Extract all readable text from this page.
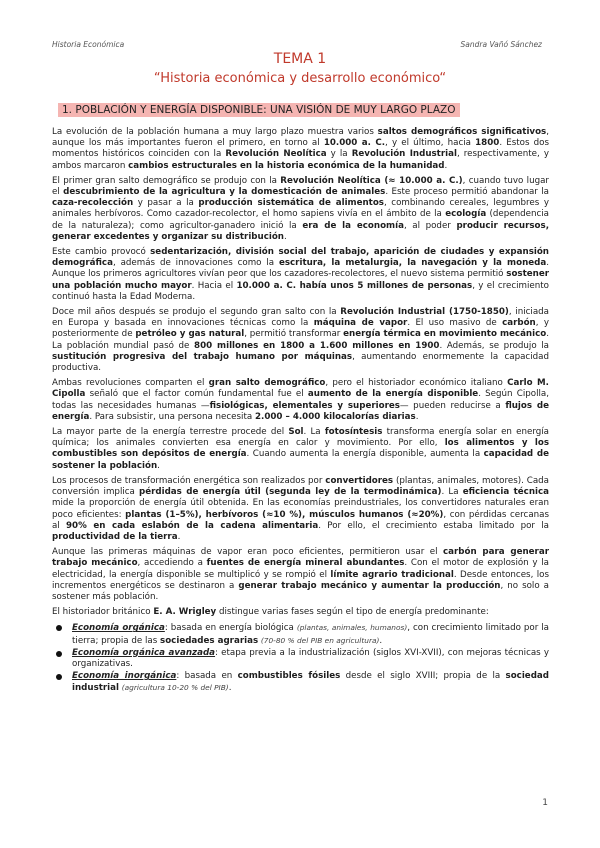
Historia Económica	Sandra Vañó Sánchez
TEMA 1
“Historia económica y desarrollo económico“
1. POBLACIÓN Y ENERGÍA DISPONIBLE: UNA VISIÓN DE MUY LARGO PLAZO

La evolución de la población humana a muy largo plazo muestra varios saltos demográficos significativos, aunque los más importantes fueron el primero, en torno al 10.000 a. C., y el último, hacia 1800. Estos dos momentos históricos coinciden con la Revolución Neolítica y la Revolución Industrial, respectivamente, y ambos marcaron cambios estructurales en la historia económica de la humanidad.

El primer gran salto demográfico se produjo con la Revolución Neolítica (≈ 10.000 a. C.), cuando tuvo lugar el descubrimiento de la agricultura y la domesticación de animales. Este proceso permitió abandonar la caza-recolección y pasar a la producción sistemática de alimentos, combinando cereales, legumbres y animales herbívoros. Como cazador-recolector, el homo sapiens vivía en el ámbito de la ecología (dependencia de la naturaleza); como agricultor-ganadero inició la era de la economía, al poder producir recursos, generar excedentes y organizar su distribución.

Este cambio provocó sedentarización, división social del trabajo, aparición de ciudades y expansión demográfica, además de innovaciones como la escritura, la metalurgia, la navegación y la moneda. Aunque los primeros agricultores vivían peor que los cazadores-recolectores, el nuevo sistema permitió sostener una población mucho mayor. Hacia el 10.000 a. C. había unos 5 millones de personas, y el crecimiento continuó hasta la Edad Moderna.

Doce mil años después se produjo el segundo gran salto con la Revolución Industrial (1750-1850), iniciada en Europa y basada en innovaciones técnicas como la máquina de vapor. El uso masivo de carbón, y posteriormente de petróleo y gas natural, permitió transformar energía térmica en movimiento mecánico. La población mundial pasó de 800 millones en 1800 a 1.600 millones en 1900. Además, se produjo la sustitución progresiva del trabajo humano por máquinas, aumentando enormemente la capacidad productiva.

Ambas revoluciones comparten el gran salto demográfico, pero el historiador económico italiano Carlo M. Cipolla señaló que el factor común fundamental fue el aumento de la energía disponible. Según Cipolla, todas las necesidades humanas —fisiológicas, elementales y superiores— pueden reducirse a flujos de energía. Para subsistir, una persona necesita 2.000 – 4.000 kilocalorías diarias.

La mayor parte de la energía terrestre procede del Sol. La fotosíntesis transforma energía solar en energía química; los animales convierten esa energía en calor y movimiento. Por ello, los alimentos y los combustibles son depósitos de energía. Cuando aumenta la energía disponible, aumenta la capacidad de sostener la población.

Los procesos de transformación energética son realizados por convertidores (plantas, animales, motores). Cada conversión implica pérdidas de energía útil (segunda ley de la termodinámica). La eficiencia técnica mide la proporción de energía útil obtenida. En las economías preindustriales, los convertidores naturales eran poco eficientes: plantas (1–5%), herbívoros (≈10 %), músculos humanos (≈20%), con pérdidas cercanas al 90% en cada eslabón de la cadena alimentaria. Por ello, el crecimiento estaba limitado por la productividad de la tierra.

Aunque las primeras máquinas de vapor eran poco eficientes, permitieron usar el carbón para generar trabajo mecánico, accediendo a fuentes de energía mineral abundantes. Con el motor de explosión y la electricidad, la energía disponible se multiplicó y se rompió el límite agrario tradicional. Desde entonces, los incrementos energéticos se destinaron a generar trabajo mecánico y aumentar la producción, no solo a sostener más población.

El historiador británico E. A. Wrigley distingue varias fases según el tipo de energía predominante:

Economía orgánica: basada en energía biológica (plantas, animales, humanos), con crecimiento limitado por la tierra; propia de las sociedades agrarias (70-80 % del PIB en agricultura).
Economía orgánica avanzada: etapa previa a la industrialización (siglos XVI-XVII), con mejoras técnicas y organizativas.
Economía inorgánica: basada en combustibles fósiles desde el siglo XVIII; propia de la sociedad industrial (agricultura 10-20 % del PIB).
1
